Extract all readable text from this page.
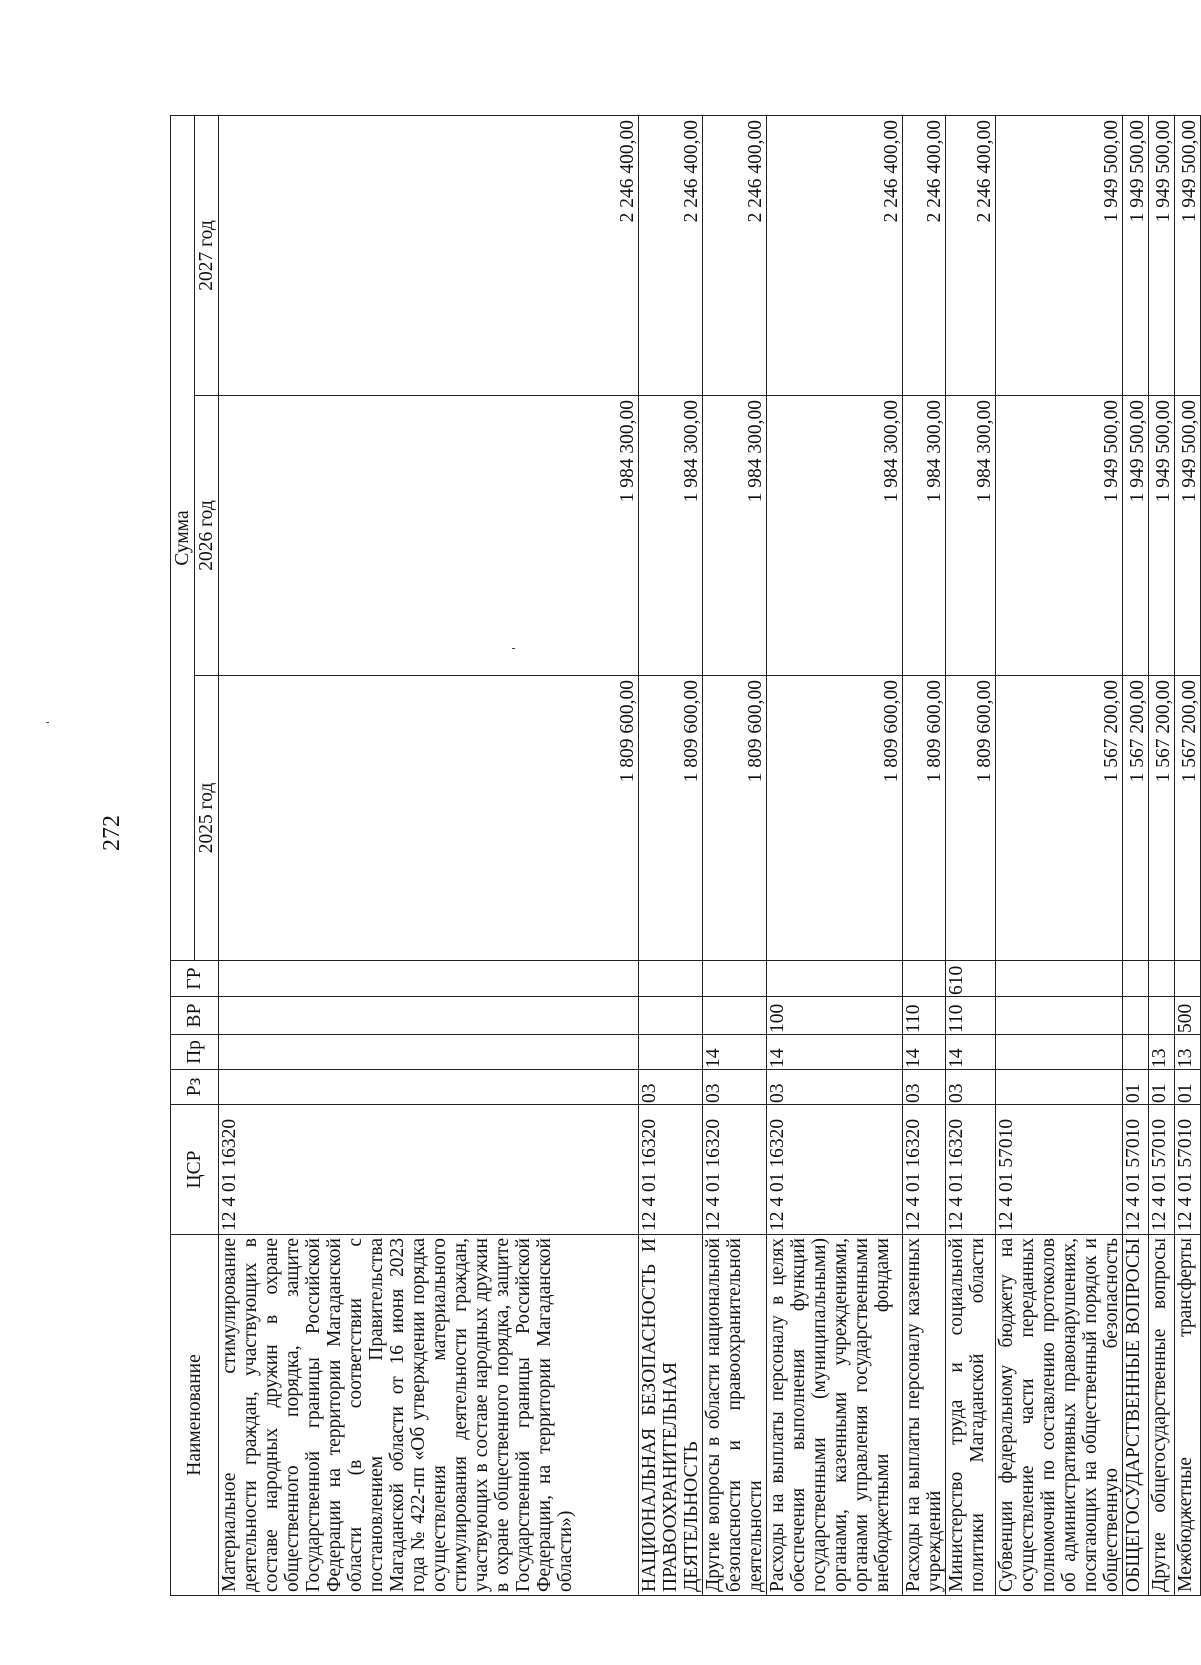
272
Наименование	ЦСР	Рз	Пр	ВР	ГР	Сумма		
						2025 год	2026 год	2027 год
Материальное стимулирование деятельности граждан, участвующих в составе народных дружин в охране общественного порядка, защите Государственной границы Российской Федерации на территории Магаданской области (в соответствии с постановлением Правительства Магаданской области от 16 июня 2023 года № 422-пп «Об утверждении порядка осуществления материального стимулирования деятельности граждан, участвующих в составе народных дружин в охране общественного порядка, защите Государственной границы Российской Федерации, на территории Магаданской области»)	12 4 01 16320					1 809 600,00	1 984 300,00	2 246 400,00
НАЦИОНАЛЬНАЯ БЕЗОПАСНОСТЬ И ПРАВООХРАНИТЕЛЬНАЯ ДЕЯТЕЛЬНОСТЬ	12 4 01 16320	03				1 809 600,00	1 984 300,00	2 246 400,00
Другие вопросы в области национальной безопасности и правоохранительной деятельности	12 4 01 16320	03	14			1 809 600,00	1 984 300,00	2 246 400,00
Расходы на выплаты персоналу в целях обеспечения выполнения функций государственными (муниципальными) органами, казенными учреждениями, органами управления государственными внебюджетными фондами	12 4 01 16320	03	14	100		1 809 600,00	1 984 300,00	2 246 400,00
Расходы на выплаты персоналу казенных учреждений	12 4 01 16320	03	14	110		1 809 600,00	1 984 300,00	2 246 400,00
Министерство труда и социальной политики Магаданской области	12 4 01 16320	03	14	110	610	1 809 600,00	1 984 300,00	2 246 400,00
Субвенции федеральному бюджету на осуществление части переданных полномочий по составлению протоколов об административных правонарушениях, посягающих на общественный порядок и общественную безопасность	12 4 01 57010					1 567 200,00	1 949 500,00	1 949 500,00
ОБЩЕГОСУДАРСТВЕННЫЕ ВОПРОСЫ	12 4 01 57010	01				1 567 200,00	1 949 500,00	1 949 500,00
Другие общегосударственные вопросы	12 4 01 57010	01	13			1 567 200,00	1 949 500,00	1 949 500,00
Межбюджетные трансферты	12 4 01 57010	01	13	500		1 567 200,00	1 949 500,00	1 949 500,00
